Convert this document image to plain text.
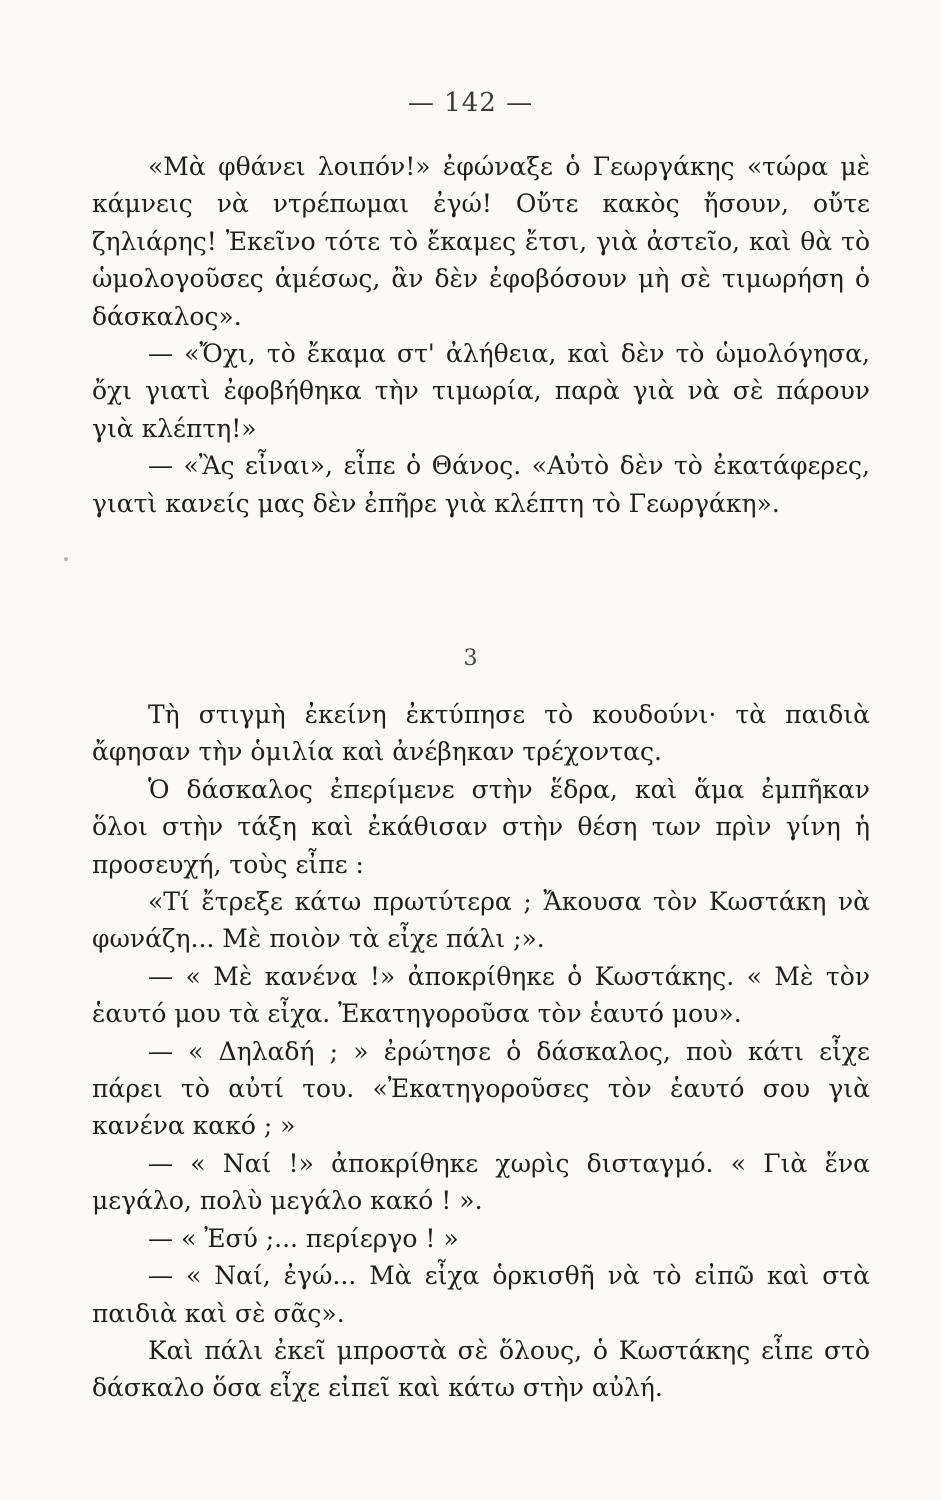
— 142 —

«Μὰ φθάνει λοιπόν!» ἐφώναξε ὁ Γεωργάκης «τώρα μὲ κάμνεις νὰ ντρέπωμαι ἐγώ! Οὔτε κακὸς ἤσουν, οὔτε ζηλιάρης! Ἐκεῖνο τότε τὸ ἔκαμες ἔτσι, γιὰ ἀστεῖο, καὶ θὰ τὸ ὡμολογοῦσες ἀμέσως, ἂν δὲν ἐφοβόσουν μὴ σὲ τιμωρήση ὁ δάσκαλος».

— «Ὄχι, τὸ ἔκαμα στ' ἀλήθεια, καὶ δὲν τὸ ὡμολόγησα, ὄχι γιατὶ ἐφοβήθηκα τὴν τιμωρία, παρὰ γιὰ νὰ σὲ πάρουν γιὰ κλέπτη!»

— «Ἂς εἶναι», εἶπε ὁ Θάνος. «Αὐτὸ δὲν τὸ ἐκατάφερες, γιατὶ κανείς μας δὲν ἐπῆρε γιὰ κλέπτη τὸ Γεωργάκη».

3

Τὴ στιγμὴ ἐκείνη ἐκτύπησε τὸ κουδούνι· τὰ παιδιὰ ἄφησαν τὴν ὁμιλία καὶ ἀνέβηκαν τρέχοντας.

Ὁ δάσκαλος ἐπερίμενε στὴν ἕδρα, καὶ ἅμα ἐμπῆκαν ὅλοι στὴν τάξη καὶ ἐκάθισαν στὴν θέση των πρὶν γίνη ἡ προσευχή, τοὺς εἶπε :

«Τί ἔτρεξε κάτω πρωτύτερα ; Ἄκουσα τὸν Κωστάκη νὰ φωνάζη... Μὲ ποιὸν τὰ εἶχε πάλι ;».

— « Μὲ κανένα !» ἀποκρίθηκε ὁ Κωστάκης. « Μὲ τὸν ἑαυτό μου τὰ εἶχα. Ἐκατηγοροῦσα τὸν ἑαυτό μου».

— « Δηλαδή ; » ἐρώτησε ὁ δάσκαλος, ποὺ κάτι εἶχε πάρει τὸ αὐτί του. «Ἐκατηγοροῦσες τὸν ἑαυτό σου γιὰ κανένα κακό ; »

— « Ναί !» ἀποκρίθηκε χωρὶς δισταγμό. « Γιὰ ἕνα μεγάλο, πολὺ μεγάλο κακό ! ».

— « Ἐσύ ;... περίεργο ! »

— « Ναί, ἐγώ... Μὰ εἶχα ὁρκισθῆ νὰ τὸ εἰπῶ καὶ στὰ παιδιὰ καὶ σὲ σᾶς».

Καὶ πάλι ἐκεῖ μπροστὰ σὲ ὅλους, ὁ Κωστάκης εἶπε στὸ δάσκαλο ὅσα εἶχε εἰπεῖ καὶ κάτω στὴν αὐλή.
